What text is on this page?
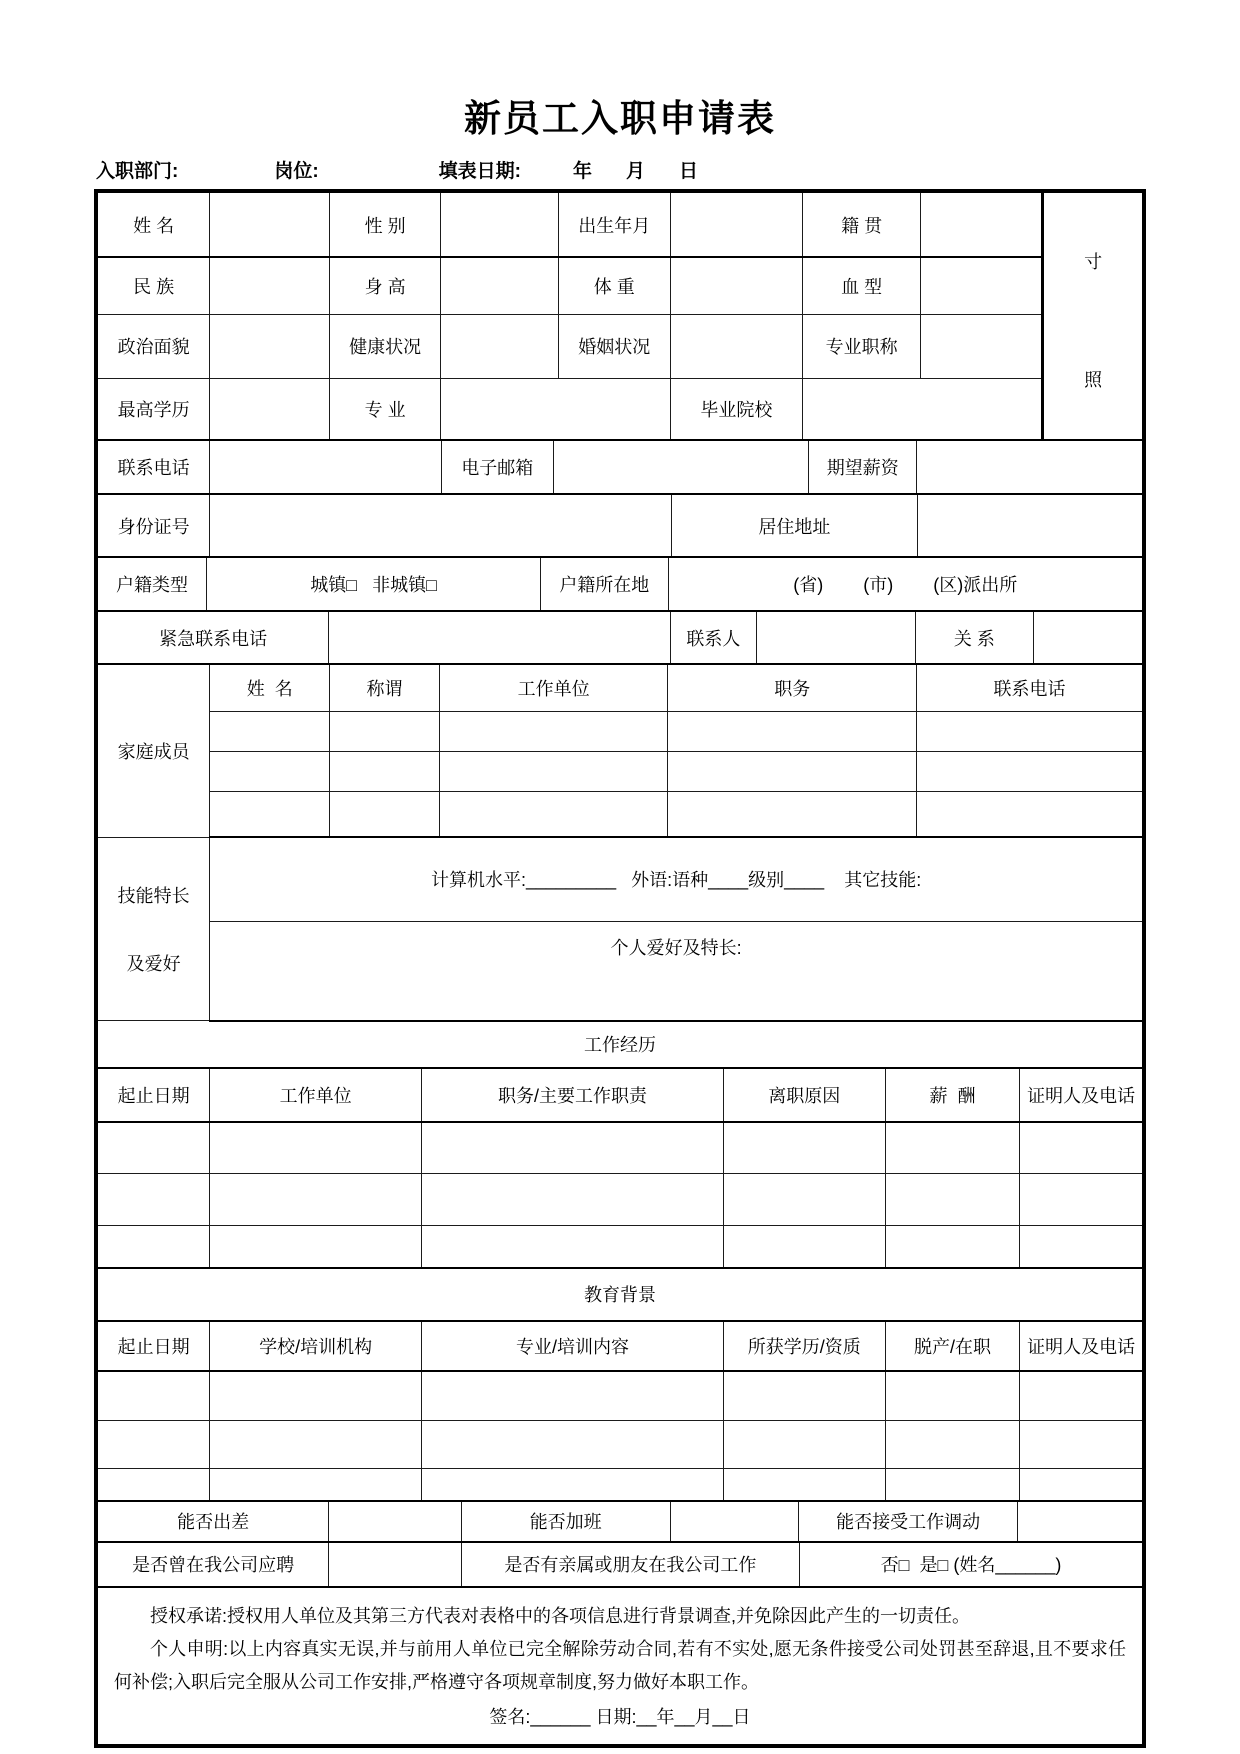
新员工入职申请表
入职部门:	岗位:	填表日期:	年 月 日
姓 名		性 别		出生年月		籍 贯		寸
照

民 族		身 高		体 重		血 型		
政治面貌		健康状况		婚姻状况		专业职称		
最高学历		专 业			毕业院校			
联系电话		电子邮箱		期望薪资	
身份证号		居住地址	
户籍类型	城镇□   非城镇□	户籍所在地	(省)        (市)        (区)派出所
紧急联系电话		联系人		关 系	
家庭成员	姓  名	称谓	工作单位	职务	联系电话

技能特长

及爱好

	计算机水平:_________   外语:语种____级别____    其它技能:
个人爱好及特长:
工作经历					
起止日期	工作单位	职务/主要工作职责	离职原因	薪  酬	证明人及电话

教育背景					
起止日期	学校/培训机构	专业/培训内容	所获学历/资质	脱产/在职	证明人及电话

能否出差		能否加班		能否接受工作调动	
是否曾在我公司应聘		是否有亲属或朋友在我公司工作	否□  是□ (姓名______)

授权承诺:授权用人单位及其第三方代表对表格中的各项信息进行背景调查,并免除因此产生的一切责任。

个人申明:以上内容真实无误,并与前用人单位已完全解除劳动合同,若有不实处,愿无条件接受公司处罚甚至辞退,且不要求任何补偿;入职后完全服从公司工作安排,严格遵守各项规章制度,努力做好本职工作。

签名:______ 日期:__年__月__日
